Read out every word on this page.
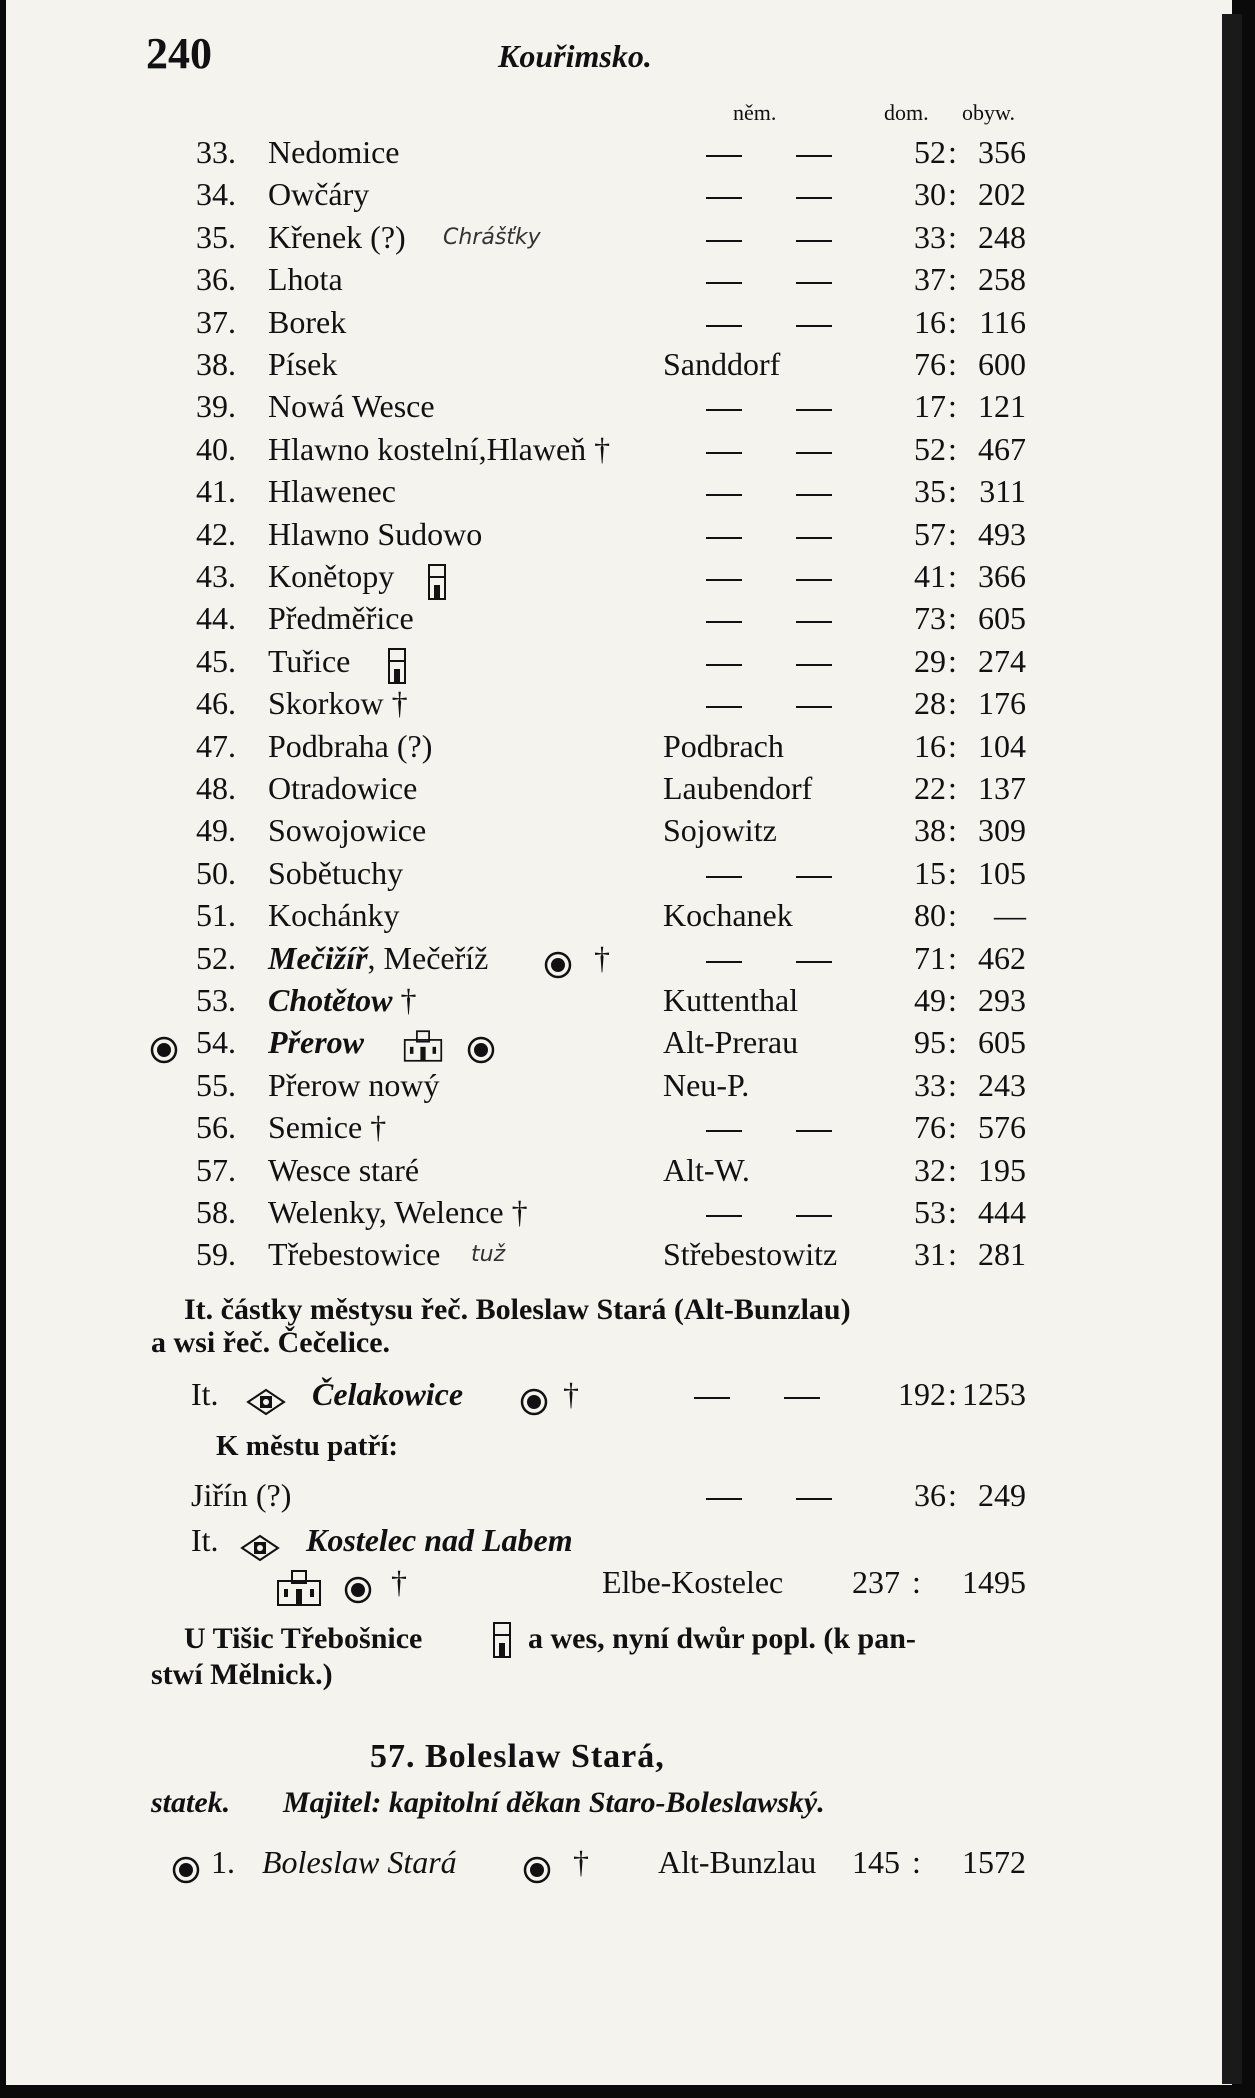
240	Kouřimsko.
něm.	dom. obyw.
33. Nedomice	52 : 356
34. Owčáry	30 : 202
35. Křenek (?) Chrášťky	33 : 248
36. Lhota	37 : 258
37. Borek	16 : 116
38. Písek	Sanddorf	76 : 600
39. Nowá Wesce	17 : 121
40. Hlawno kostelní,Hlaweň †	52 : 467
41. Hlawenec	35 : 311
42. Hlawno Sudowo	57 : 493
43. Konětopy	41 : 366
44. Předměřice	73 : 605
45. Tuřice	29 : 274
46. Skorkow †	28 : 176
47. Podbraha (?)	Podbrach	16 : 104
48. Otradowice	Laubendorf	22 : 137
49. Sowojowice	Sojowitz	38 : 309
50. Sobětuchy	15 : 105
51. Kochánky	Kochanek	80 :	—
52. Mečižíř, Mečeříž	†	71 : 462
53. Chotětow †	Kuttenthal	49 : 293
54. Přerow	Alt-Prerau	95 : 605
55. Přerow nowý	Neu-P.	33 : 243
56. Semice †	76 : 576
57. Wesce staré	Alt-W.	32 : 195
58. Welenky, Welence †	53 : 444
59. Třebestowice tuž	Střebestowitz	31 : 281
It. částky městysu řeč. Boleslaw Stará (Alt-Bunzlau)
a wsi řeč. Čečelice.
It.	Čelakowice	†	192 : 1253
K městu patří:
Jiřín (?)	36 : 249
It.	Kostelec nad Labem
†	Elbe-Kostelec	237 :	1495
U Tišic Třebošnice	a wes, nyní dwůr popl. (k pan-
stwí Mělnick.)
57. Boleslaw Stará,
statek. Majitel: kapitolní děkan Staro-Boleslawský.
1. Boleslaw Stará	† Alt-Bunzlau	145 :	1572
